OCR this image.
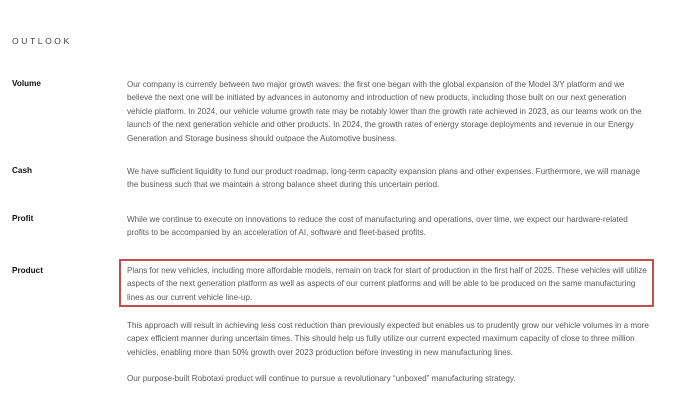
OUTLOOK
Volume	Our company is currently between two major growth waves: the first one began with the global expansion of the Model 3/Y platform and we believe the next one will be initiated by advances in autonomy and introduction of new products, including those built on our next generation vehicle platform. In 2024, our vehicle volume growth rate may be notably lower than the growth rate achieved in 2023, as our teams work on the launch of the next generation vehicle and other products. In 2024, the growth rates of energy storage deployments and revenue in our Energy Generation and Storage business should outpace the Automotive business.

Cash	We have sufficient liquidity to fund our product roadmap, long-term capacity expansion plans and other expenses. Furthermore, we will manage the business such that we maintain a strong balance sheet during this uncertain period.

Profit	While we continue to execute on innovations to reduce the cost of manufacturing and operations, over time, we expect our hardware-related profits to be accompanied by an acceleration of AI, software and fleet-based profits.

Product	Plans for new vehicles, including more affordable models, remain on track for start of production in the first half of 2025. These vehicles will utilize aspects of the next generation platform as well as aspects of our current platforms and will be able to be produced on the same manufacturing lines as our current vehicle line-up.

This approach will result in achieving less cost reduction than previously expected but enables us to prudently grow our vehicle volumes in a more capex efficient manner during uncertain times. This should help us fully utilize our current expected maximum capacity of close to three million vehicles, enabling more than 50% growth over 2023 production before investing in new manufacturing lines.

Our purpose-built Robotaxi product will continue to pursue a revolutionary “unboxed” manufacturing strategy.
